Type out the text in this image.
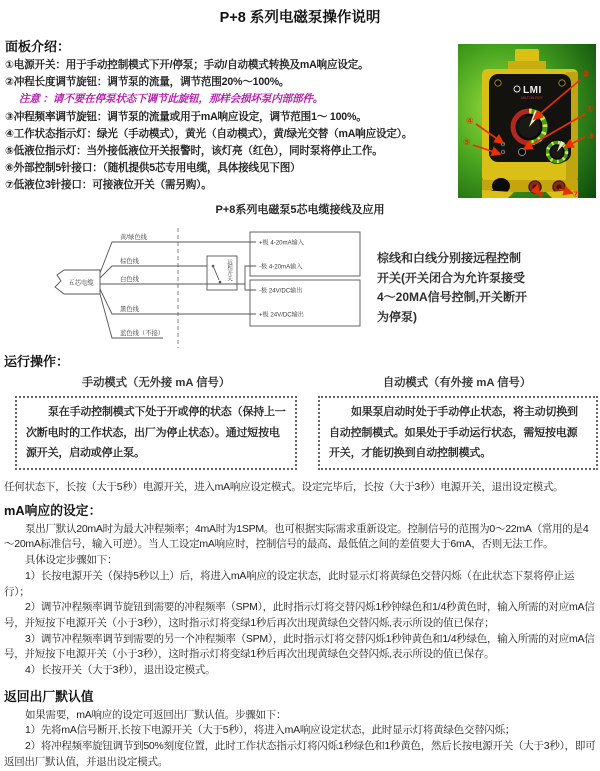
P+8 系列电磁泵操作说明
面板介绍：
①电源开关：用于手动控制模式下开/停泵；手动/自动模式转换及mA响应设定。
②冲程长度调节旋钮：调节泵的流量，调节范围20%～100%。
注意 ：请不要在停泵状态下调节此旋钮，那样会损坏泵内部部件。
③冲程频率调节旋钮：调节泵的流量或用于mA响应设定，调节范围1～ 100%。
④工作状态指示灯：绿光（手动模式），黄光（自动模式），黄/绿光交替（mA响应设定）。
⑤低液位指示灯：当外接低液位开关报警时，该灯亮（红色），同时泵将停止工作。
⑥外部控制5针接口：（随机提供5芯专用电缆，具体接线见下图）
⑦低液位3针接口：可接液位开关（需另购）。
LMI
MILTON ROY
②
①
③
④
⑤
⑥	⑦
P+8系列电磁泵5芯电缆接线及应用
五芯电缆
黄/绿色线
棕色线
白色线
黑色线
蓝色线（不接）
远程开关
+极 4-20mA输入
-极 4-20mA输入
-极 24V/DC输出
+极 24V/DC输出
棕线和白线分别接远程控制
开关(开关闭合为允许泵接受
4～20MA信号控制,开关断开
为停泵)
运行操作：
手动模式（无外接 mA 信号）	自动模式（有外接 mA 信号）
泵在手动控制模式下处于开或停的状态（保持上一次断电时的工作状态，出厂为停止状态）。通过短按电源开关，启动或停止泵。
如果泵启动时处于手动停止状态，将主动切换到自动控制模式。如果处于手动运行状态，需短按电源开关，才能切换到自动控制模式。

任何状态下，长按（大于5秒）电源开关，进入mA响应设定模式。设定完毕后，长按（大于3秒）电源开关，退出设定模式。

mA响应的设定：

泵出厂默认20mA时为最大冲程频率；4mA时为1SPM。也可根据实际需求重新设定。控制信号的范围为0～22mA（常用的是4～20mA标准信号，输入可逆）。当人工设定mA响应时，控制信号的最高、最低值之间的差值要大于6mA，否则无法工作。

具体设定步骤如下：

1）长按电源开关（保持5秒以上）后，将进入mA响应的设定状态，此时显示灯将黄绿色交替闪烁（在此状态下泵将停止运行）；

2）调节冲程频率调节旋钮到需要的冲程频率（SPM），此时指示灯将交替闪烁1秒钟绿色和1/4秒黄色时，输入所需的对应mA信号，并短按下电源开关（小于3秒），这时指示灯将变绿1秒后再次出现黄绿色交替闪烁,表示所设的值已保存；

3）调节冲程频率调节到需要的另一个冲程频率（SPM），此时指示灯将交替闪烁1秒钟黄色和1/4秒绿色，输入所需的对应mA信号，并短按下电源开关（小于3秒），这时指示灯将变绿1秒后再次出现黄绿色交替闪烁,表示所设的值已保存。

4）长按开关（大于3秒），退出设定模式。

返回出厂默认值

如果需要，mA响应的设定可返回出厂默认值。步骤如下：

1）先将mA信号断开,长按下电源开关（大于5秒），将进入mA响应设定状态，此时显示灯将黄绿色交替闪烁；

2）将冲程频率旋钮调节到50%刻度位置，此时工作状态指示灯将闪烁1秒绿色和1秒黄色，然后长按电源开关（大于3秒），即可返回出厂默认值，并退出设定模式。
